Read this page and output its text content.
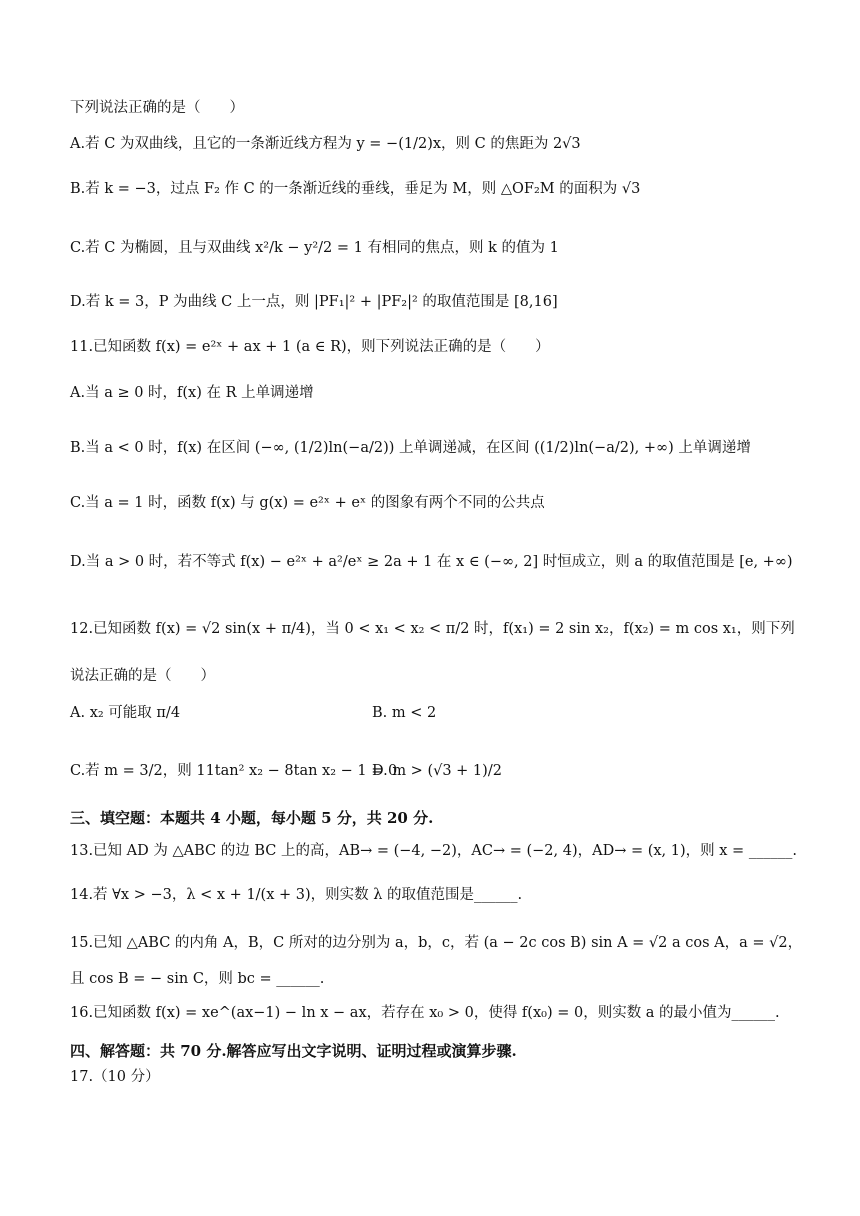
下列说法正确的是（　　）
A.若 C 为双曲线，且它的一条渐近线方程为 y = −(1/2)x，则 C 的焦距为 2√3
B.若 k = −3，过点 F₂ 作 C 的一条渐近线的垂线，垂足为 M，则 △OF₂M 的面积为 √3
C.若 C 为椭圆，且与双曲线 x²/k − y²/2 = 1 有相同的焦点，则 k 的值为 1
D.若 k = 3，P 为曲线 C 上一点，则 |PF₁|² + |PF₂|² 的取值范围是 [8,16]
11.已知函数 f(x) = e²ˣ + ax + 1 (a ∈ R)，则下列说法正确的是（　　）
A.当 a ≥ 0 时，f(x) 在 R 上单调递增
B.当 a < 0 时，f(x) 在区间 (−∞, (1/2)ln(−a/2)) 上单调递减，在区间 ((1/2)ln(−a/2), +∞) 上单调递增
C.当 a = 1 时，函数 f(x) 与 g(x) = e²ˣ + eˣ 的图象有两个不同的公共点
D.当 a > 0 时，若不等式 f(x) − e²ˣ + a²/eˣ ≥ 2a + 1 在 x ∈ (−∞, 2] 时恒成立，则 a 的取值范围是 [e, +∞)
12.已知函数 f(x) = √2 sin(x + π/4)，当 0 < x₁ < x₂ < π/2 时，f(x₁) = 2 sin x₂，f(x₂) = m cos x₁，则下列
说法正确的是（　　）
A. x₂ 可能取 π/4	B. m < 2
C.若 m = 3/2，则 11tan² x₂ − 8tan x₂ − 1 = 0
D. m > (√3 + 1)/2
三、填空题：本题共 4 小题，每小题 5 分，共 20 分.
13.已知 AD 为 △ABC 的边 BC 上的高，AB→ = (−4, −2)，AC→ = (−2, 4)，AD→ = (x, 1)，则 x = ______.
14.若 ∀x > −3，λ < x + 1/(x + 3)，则实数 λ 的取值范围是______.
15.已知 △ABC 的内角 A，B，C 所对的边分别为 a，b，c，若 (a − 2c cos B) sin A = √2 a cos A，a = √2，
且 cos B = − sin C，则 bc = ______.
16.已知函数 f(x) = xe^(ax−1) − ln x − ax，若存在 x₀ > 0，使得 f(x₀) = 0，则实数 a 的最小值为______.
四、解答题：共 70 分.解答应写出文字说明、证明过程或演算步骤.
17.（10 分）
